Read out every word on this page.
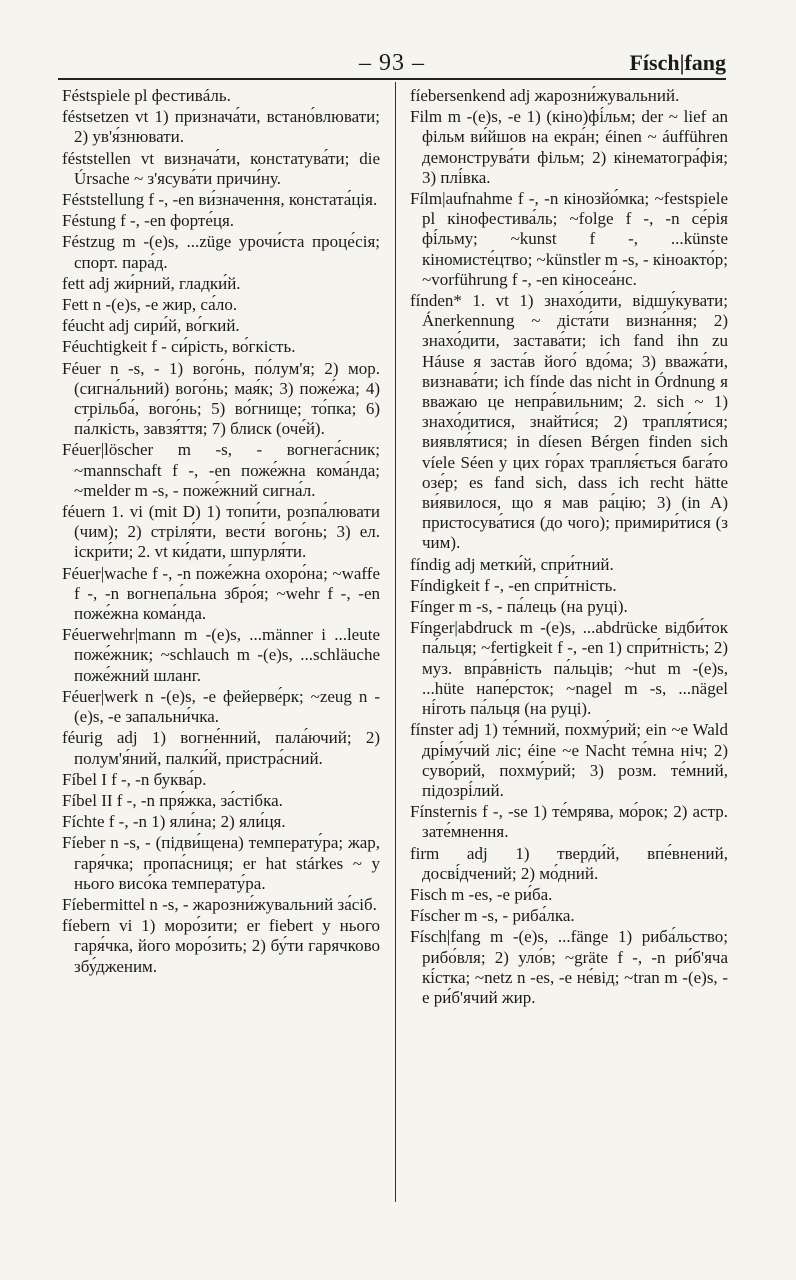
– 93 –	Físch|fang

Féstspiele pl фестивáль.

féstsetzen vt 1) признача́ти, встано́влювати; 2) ув'я́знювати.

féststellen vt визнача́ти, констатува́ти; die Úrsache ~ з'ясува́ти причи́ну.

Féststellung f -, -en ви́значення, констата́ція.

Féstung f -, -en форте́ця.

Féstzug m -(e)s, ...züge урочи́ста проце́сія; спорт. пара́д.

fett adj жи́рний, гладки́й.

Fett n -(e)s, -e жир, са́ло.

féucht adj сири́й, во́гкий.

Féuchtigkeit f - си́рість, во́гкість.

Féuer n -s, - 1) вого́нь, по́лум'я; 2) мор. (сигна́льний) вого́нь; мая́к; 3) поже́жа; 4) стрільба́, вого́нь; 5) во́гнище; то́пка; 6) па́лкість, завзя́ття; 7) блиск (оче́й).

Féuer|löscher m -s, - вогнега́сник; ~mannschaft f -, -en поже́жна кома́нда; ~melder m -s, - поже́жний сигна́л.

féuern 1. vi (mit D) 1) топи́ти, розпа́лювати (чим); 2) стріля́ти, вести́ вого́нь; 3) ел. іскри́ти; 2. vt ки́дати, шпурля́ти.

Féuer|wache f -, -n поже́жна охоро́на; ~waffe f -, -n вогнепа́льна збро́я; ~wehr f -, -en поже́жна кома́нда.

Féuerwehr|mann m -(e)s, ...männer i ...leute поже́жник; ~schlauch m -(e)s, ...schläuche поже́жний шланг.

Féuer|werk n -(e)s, -e фейерве́рк; ~zeug n -(e)s, -e запальни́чка.

féurig adj 1) вогне́нний, пала́ючий; 2) полум'я́ний, палки́й, пристра́сний.

Fíbel I f -, -n буква́р.

Fíbel II f -, -n пря́жка, за́стібка.

Fíchte f -, -n 1) яли́на; 2) яли́ця.

Fíeber n -s, - (підви́щена) температу́ра; жар, гаря́чка; пропа́сниця; er hat stárkes ~ у нього висо́ка температу́ра.

Fíebermittel n -s, - жарозни́жувальний за́сіб.

fíebern vi 1) моро́зити; er fiebert у нього гаря́чка, його моро́зить; 2) бу́ти гарячково збу́дженим.

fíebersenkend adj жарозни́жувальний.

Film m -(e)s, -e 1) (кіно)фі́льм; der ~ lief an фільм ви́йшов на екра́н; éinen ~ áufführen демонструва́ти фільм; 2) кінематогра́фія; 3) плі́вка.

Fílm|aufnahme f -, -n кінозйо́мка; ~festspiele pl кінофестива́ль; ~folge f -, -n се́рія фі́льму; ~kunst f -, ...künste кіномисте́цтво; ~künstler m -s, - кіноакто́р; ~vorführung f -, -en кіносеа́нс.

fínden* 1. vt 1) знахо́дити, відшу́кувати; Ánerkennung ~ діста́ти визна́ння; 2) знахо́дити, застава́ти; ich fand ihn zu Háuse я заста́в його́ вдо́ма; 3) вважа́ти, визнава́ти; ich fínde das nicht in Órdnung я вважаю це непра́вильним; 2. sich ~ 1) знахо́дитися, знайти́ся; 2) трапля́тися; виявля́тися; in díesen Bérgen finden sich víele Séen у цих го́рах трапля́ється бага́то озе́р; es fand sich, dass ich recht hätte ви́явилося, що я мав ра́цію; 3) (in A) пристосува́тися (до чого); примири́тися (з чим).

fíndig adj метки́й, спри́тний.

Fíndigkeit f -, -en спри́тність.

Fínger m -s, - па́лець (на руці).

Fínger|abdruck m -(e)s, ...abdrücke відби́ток па́льця; ~fertigkeit f -, -en 1) спри́тність; 2) муз. впра́вність па́льців; ~hut m -(e)s, ...hüte напе́рсток; ~nagel m -s, ...nägel ні́готь па́льця (на руці).

fínster adj 1) те́мний, похму́рий; ein ~e Wald дрі́му́чий ліс; éine ~e Nacht те́мна ніч; 2) суво́рий, похму́рий; 3) розм. те́мний, підозрі́лий.

Fínsternis f -, -se 1) те́мрява, мо́рок; 2) астр. зате́мнення.

firm adj 1) тверди́й, впе́внений, досві́дчений; 2) мо́дний.

Fisch m -es, -e ри́ба.

Físcher m -s, - риба́лка.

Físch|fang m -(e)s, ...fänge 1) риба́льство; рибо́вля; 2) уло́в; ~gräte f -, -n ри́б'яча кі́стка; ~netz n -es, -e не́від; ~tran m -(e)s, -e ри́б'ячий жир.
